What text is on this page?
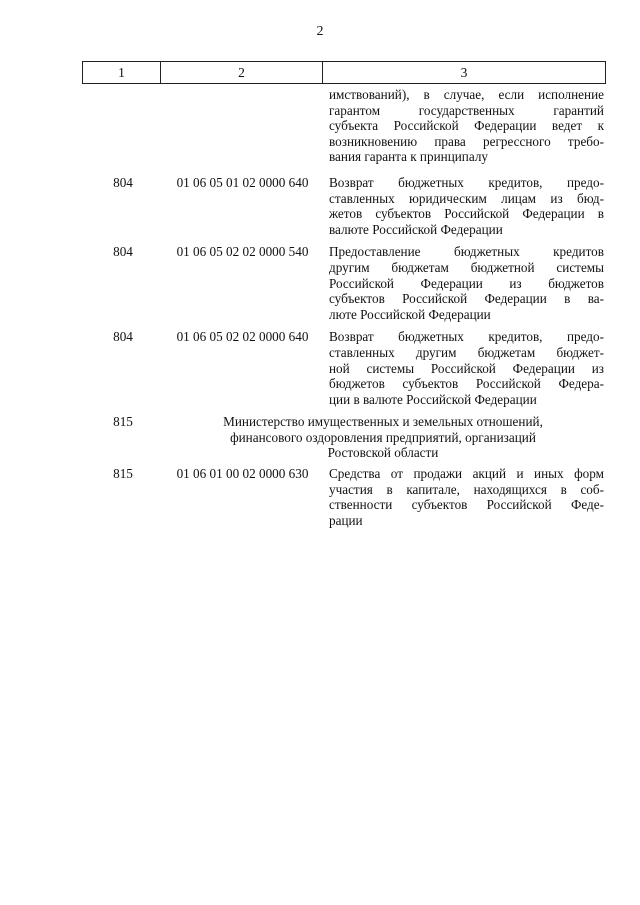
2
1	2	3
имствований), в случае, если исполнение
гарантом государственных гарантий
субъекта Российской Федерации ведет к
возникновению права регрессного требо-
вания гаранта к принципалу
804	01 06 05 01 02 0000 640	Возврат бюджетных кредитов, предо-
ставленных юридическим лицам из бюд-
жетов субъектов Российской Федерации в
валюте Российской Федерации
804	01 06 05 02 02 0000 540	Предоставление бюджетных кредитов
другим бюджетам бюджетной системы
Российской Федерации из бюджетов
субъектов Российской Федерации в ва-
люте Российской Федерации
804	01 06 05 02 02 0000 640	Возврат бюджетных кредитов, предо-
ставленных другим бюджетам бюджет-
ной системы Российской Федерации из
бюджетов субъектов Российской Федера-
ции в валюте Российской Федерации
815	Министерство имущественных и земельных отношений,
финансового оздоровления предприятий, организаций
Ростовской области
815	01 06 01 00 02 0000 630	Средства от продажи акций и иных форм
участия в капитале, находящихся в соб-
ственности субъектов Российской Феде-
рации
